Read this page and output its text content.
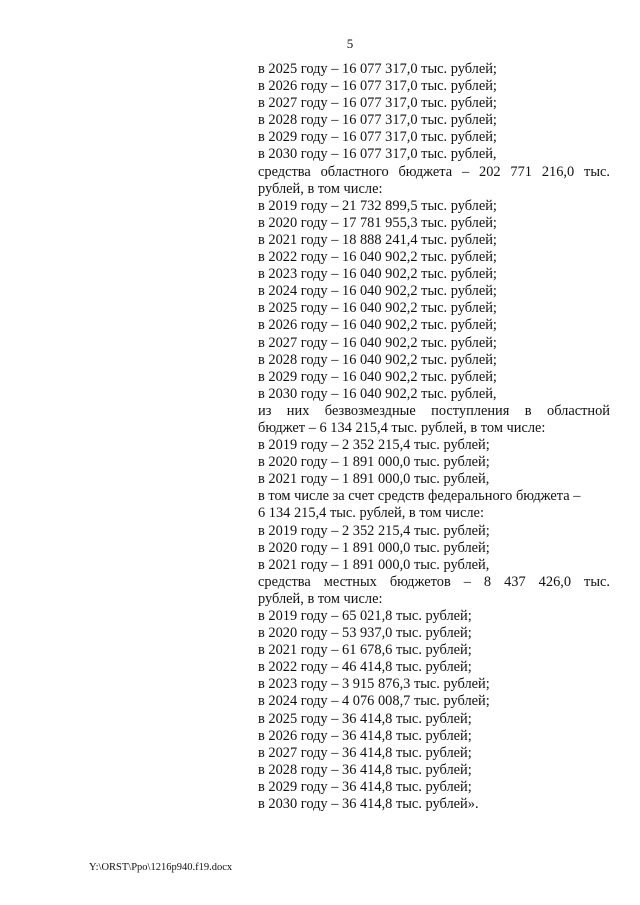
5
в 2025 году – 16 077 317,0 тыс. рублей;
в 2026 году – 16 077 317,0 тыс. рублей;
в 2027 году – 16 077 317,0 тыс. рублей;
в 2028 году – 16 077 317,0 тыс. рублей;
в 2029 году – 16 077 317,0 тыс. рублей;
в 2030 году – 16 077 317,0 тыс. рублей,
средства областного бюджета – 202 771 216,0 тыс.
рублей, в том числе:
в 2019 году – 21 732 899,5 тыс. рублей;
в 2020 году – 17 781 955,3 тыс. рублей;
в 2021 году – 18 888 241,4 тыс. рублей;
в 2022 году – 16 040 902,2 тыс. рублей;
в 2023 году – 16 040 902,2 тыс. рублей;
в 2024 году – 16 040 902,2 тыс. рублей;
в 2025 году – 16 040 902,2 тыс. рублей;
в 2026 году – 16 040 902,2 тыс. рублей;
в 2027 году – 16 040 902,2 тыс. рублей;
в 2028 году – 16 040 902,2 тыс. рублей;
в 2029 году – 16 040 902,2 тыс. рублей;
в 2030 году – 16 040 902,2 тыс. рублей,
из них безвозмездные поступления в областной
бюджет – 6 134 215,4 тыс. рублей, в том числе:
в 2019 году – 2 352 215,4 тыс. рублей;
в 2020 году – 1 891 000,0 тыс. рублей;
в 2021 году – 1 891 000,0 тыс. рублей,
в том числе за счет средств федерального бюджета –
6 134 215,4 тыс. рублей, в том числе:
в 2019 году – 2 352 215,4 тыс. рублей;
в 2020 году – 1 891 000,0 тыс. рублей;
в 2021 году – 1 891 000,0 тыс. рублей,
средства местных бюджетов – 8 437 426,0 тыс.
рублей, в том числе:
в 2019 году – 65 021,8 тыс. рублей;
в 2020 году – 53 937,0 тыс. рублей;
в 2021 году – 61 678,6 тыс. рублей;
в 2022 году – 46 414,8 тыс. рублей;
в 2023 году – 3 915 876,3 тыс. рублей;
в 2024 году – 4 076 008,7 тыс. рублей;
в 2025 году – 36 414,8 тыс. рублей;
в 2026 году – 36 414,8 тыс. рублей;
в 2027 году – 36 414,8 тыс. рублей;
в 2028 году – 36 414,8 тыс. рублей;
в 2029 году – 36 414,8 тыс. рублей;
в 2030 году – 36 414,8 тыс. рублей».
Y:\ORST\Ppo\1216p940.f19.docx
